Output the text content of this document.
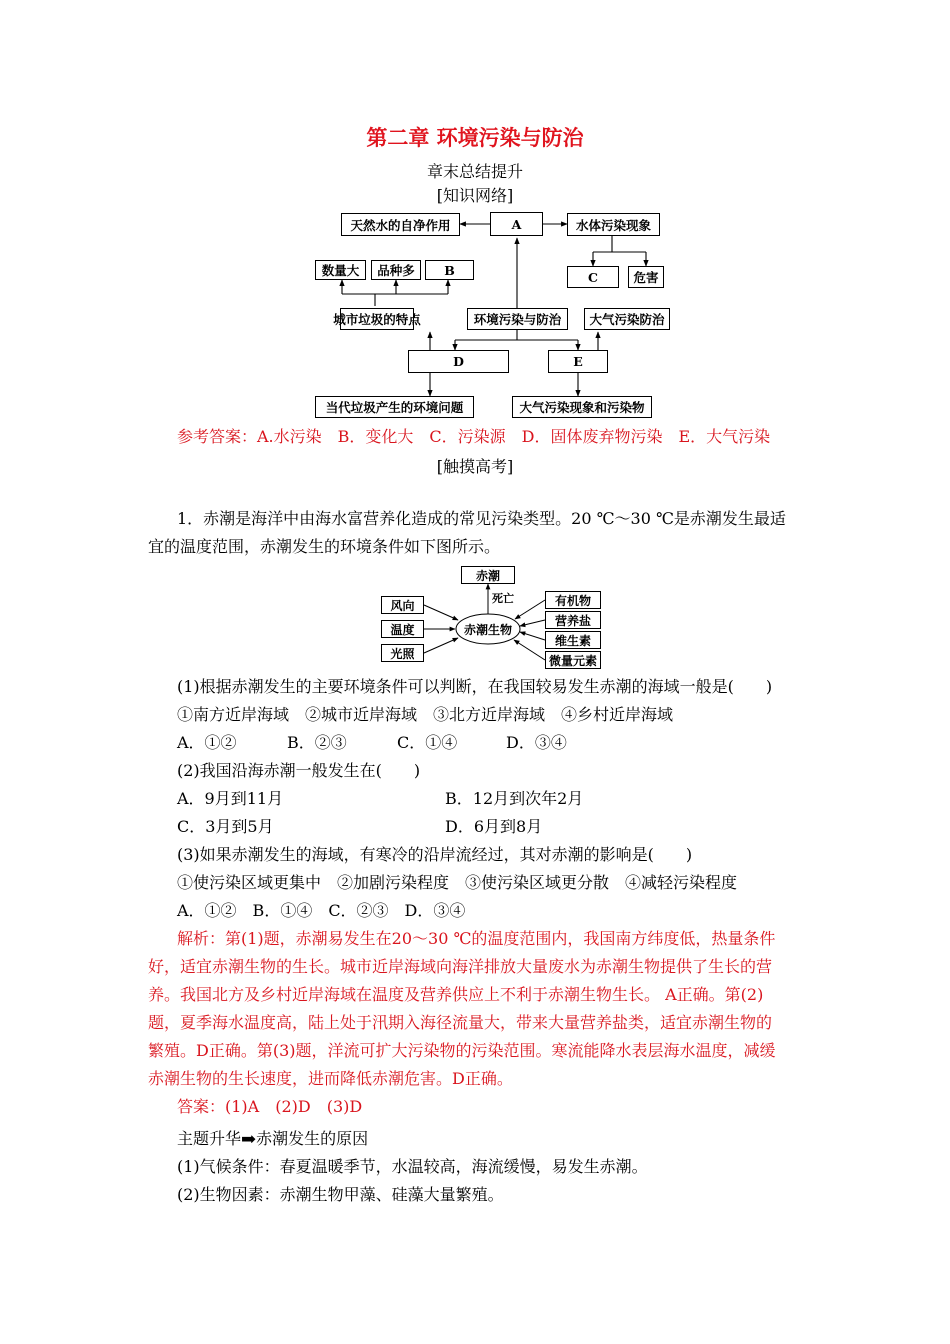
第二章 环境污染与防治
章末总结提升
[知识网络]
天然水的自净作用	A	水体污染现象
数量大	品种多	B	C	危害
城市垃圾的特点	环境污染与防治	大气污染防治
D	E
当代垃圾产生的环境问题	大气污染现象和污染物
参考答案：A.水污染　B．变化大　C．污染源　D．固体废弃物污染　E．大气污染
[触摸高考]
1．赤潮是海洋中由海水富营养化造成的常见污染类型。20 ℃～30 ℃是赤潮发生最适
宜的温度范围，赤潮发生的环境条件如下图所示。
赤潮
死亡
赤潮生物
风向
温度
光照
有机物
营养盐
维生素
微量元素
(1)根据赤潮发生的主要环境条件可以判断，在我国较易发生赤潮的海域一般是(　　)
①南方近岸海域　②城市近岸海域　③北方近岸海域　④乡村近岸海域
A．①②	B．②③	C．①④	D．③④
(2)我国沿海赤潮一般发生在(　　)
A．9月到11月	B．12月到次年2月
C．3月到5月	D．6月到8月
(3)如果赤潮发生的海域，有寒冷的沿岸流经过，其对赤潮的影响是(　　)
①使污染区域更集中　②加剧污染程度　③使污染区域更分散　④减轻污染程度
A．①②　B．①④　C．②③　D．③④
解析：第(1)题，赤潮易发生在20～30 ℃的温度范围内，我国南方纬度低，热量条件
好，适宜赤潮生物的生长。城市近岸海域向海洋排放大量废水为赤潮生物提供了生长的营
养。我国北方及乡村近岸海域在温度及营养供应上不利于赤潮生物生长。 A正确。第(2)
题，夏季海水温度高，陆上处于汛期入海径流量大，带来大量营养盐类，适宜赤潮生物的
繁殖。D正确。第(3)题，洋流可扩大污染物的污染范围。寒流能降水表层海水温度，减缓
赤潮生物的生长速度，进而降低赤潮危害。D正确。
答案：(1)A　(2)D　(3)D
主题升华➡赤潮发生的原因
(1)气候条件：春夏温暖季节，水温较高，海流缓慢，易发生赤潮。
(2)生物因素：赤潮生物甲藻、硅藻大量繁殖。
